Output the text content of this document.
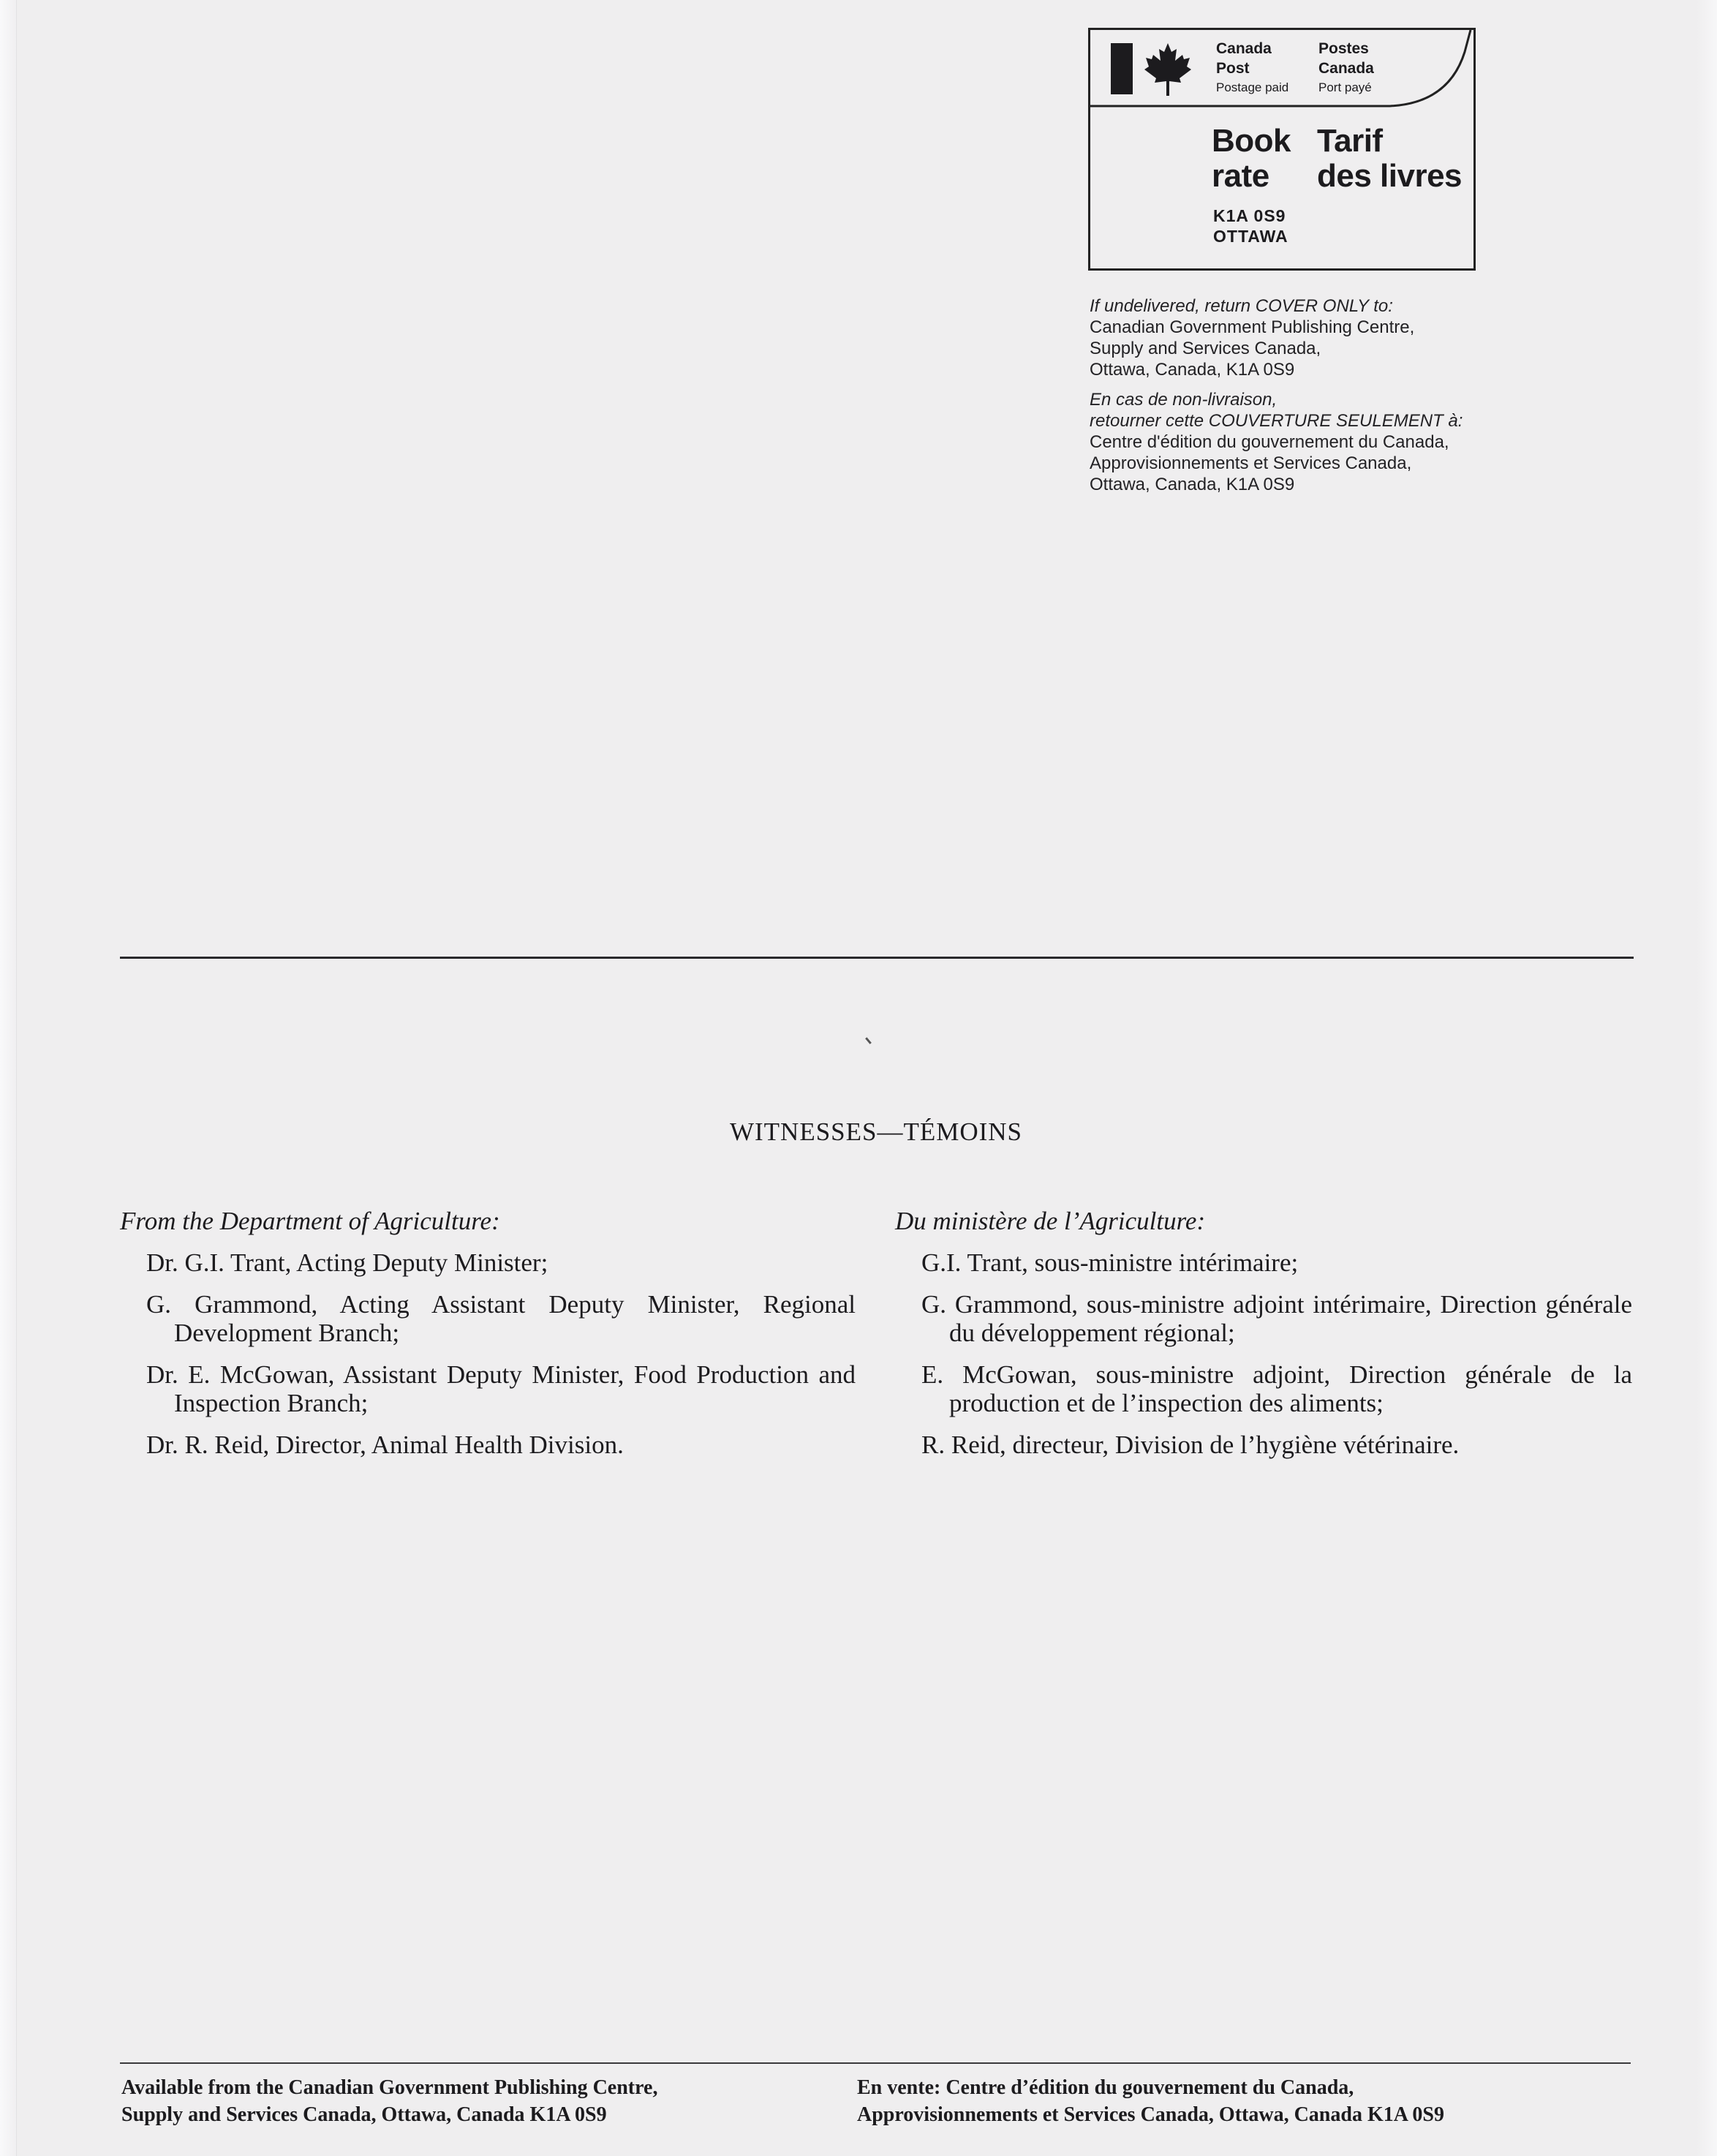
Canada
Post
Postage paid
Postes
Canada
Port payé
Book
rate
Tarif
des livres
K1A 0S9
OTTAWA

If undelivered, return COVER ONLY to:

Canadian Government Publishing Centre,

Supply and Services Canada,

Ottawa, Canada, K1A 0S9

En cas de non-livraison,

retourner cette COUVERTURE SEULEMENT à:

Centre d'édition du gouvernement du Canada,

Approvisionnements et Services Canada,

Ottawa, Canada, K1A 0S9

WITNESSES—TÉMOINS

From the Department of Agriculture:

Dr. G.I. Trant, Acting Deputy Minister;

G. Grammond, Acting Assistant Deputy Minister, Regional Development Branch;

Dr. E. McGowan, Assistant Deputy Minister, Food Production and Inspection Branch;

Dr. R. Reid, Director, Animal Health Division.

Du ministère de l’Agriculture:

G.I. Trant, sous-ministre intérimaire;

G. Grammond, sous-ministre adjoint intérimaire, Direction générale du développement régional;

E. McGowan, sous-ministre adjoint, Direction générale de la production et de l’inspection des aliments;

R. Reid, directeur, Division de l’hygiène vétérinaire.

Available from the Canadian Government Publishing Centre,
Supply and Services Canada, Ottawa, Canada K1A 0S9
En vente: Centre d’édition du gouvernement du Canada,
Approvisionnements et Services Canada, Ottawa, Canada K1A 0S9
